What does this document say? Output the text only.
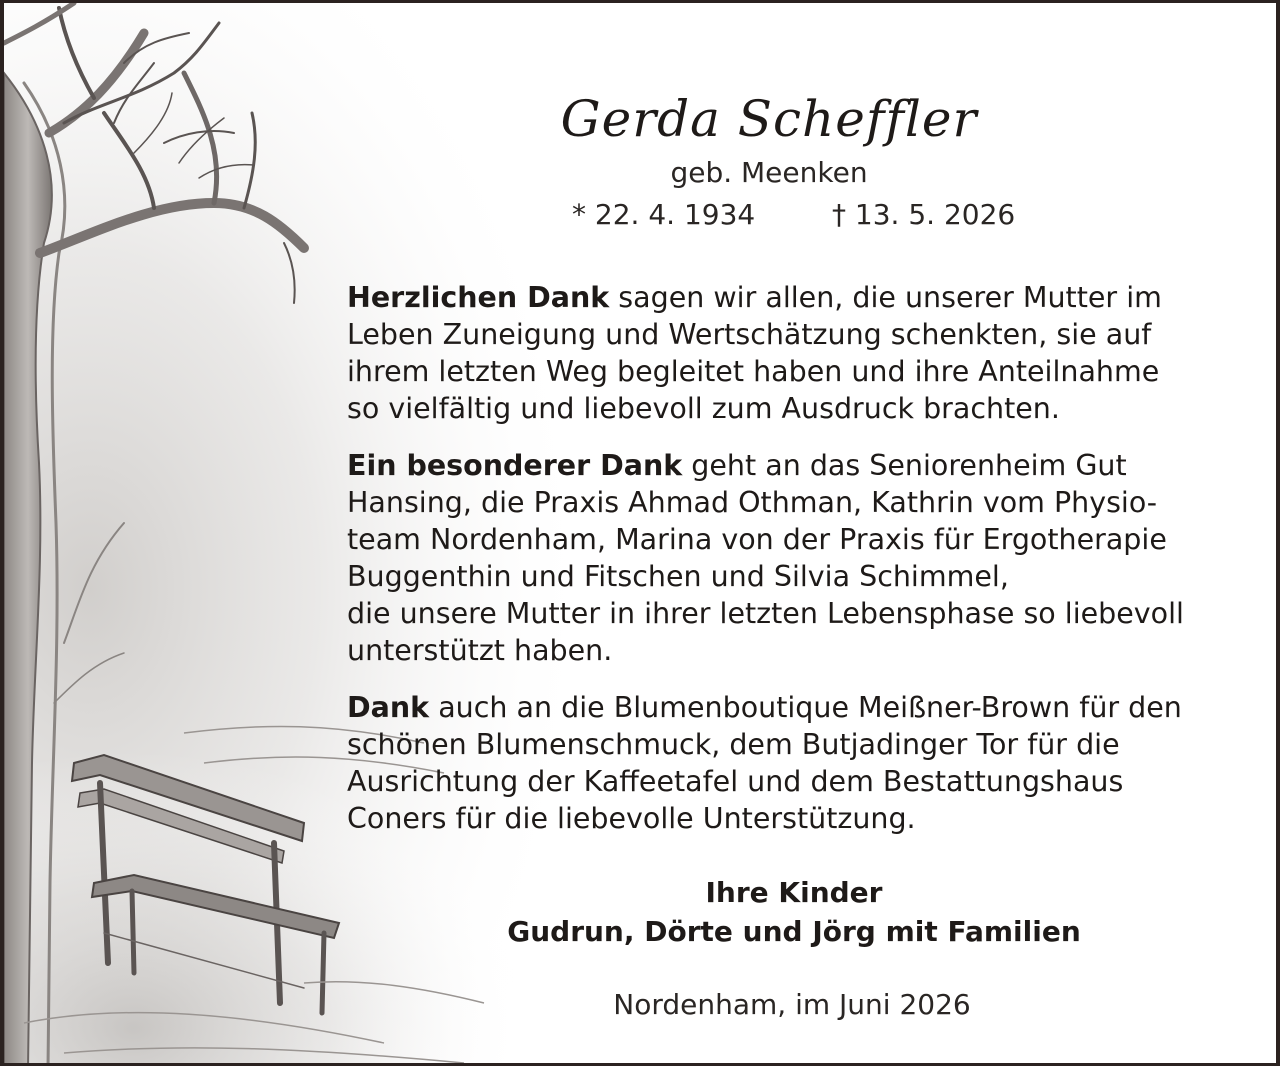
Gerda Scheffler
geb. Meenken
* 22. 4. 1934	† 13. 5. 2026

Herzlichen Dank sagen wir allen, die unserer Mutter im
Leben Zuneigung und Wertschätzung schenkten, sie auf
ihrem letzten Weg begleitet haben und ihre Anteilnahme
so vielfältig und liebevoll zum Ausdruck brachten.

Ein besonderer Dank geht an das Seniorenheim Gut
Hansing, die Praxis Ahmad Othman, Kathrin vom Physio-
team Nordenham, Marina von der Praxis für Ergotherapie
Buggenthin und Fitschen und Silvia Schimmel,
die unsere Mutter in ihrer letzten Lebensphase so liebevoll
unterstützt haben.

Dank auch an die Blumenboutique Meißner-Brown für den
schönen Blumenschmuck, dem Butjadinger Tor für die
Ausrichtung der Kaffeetafel und dem Bestattungshaus
Coners für die liebevolle Unterstützung.

Ihre Kinder
Gudrun, Dörte und Jörg mit Familien
Nordenham, im Juni 2026
